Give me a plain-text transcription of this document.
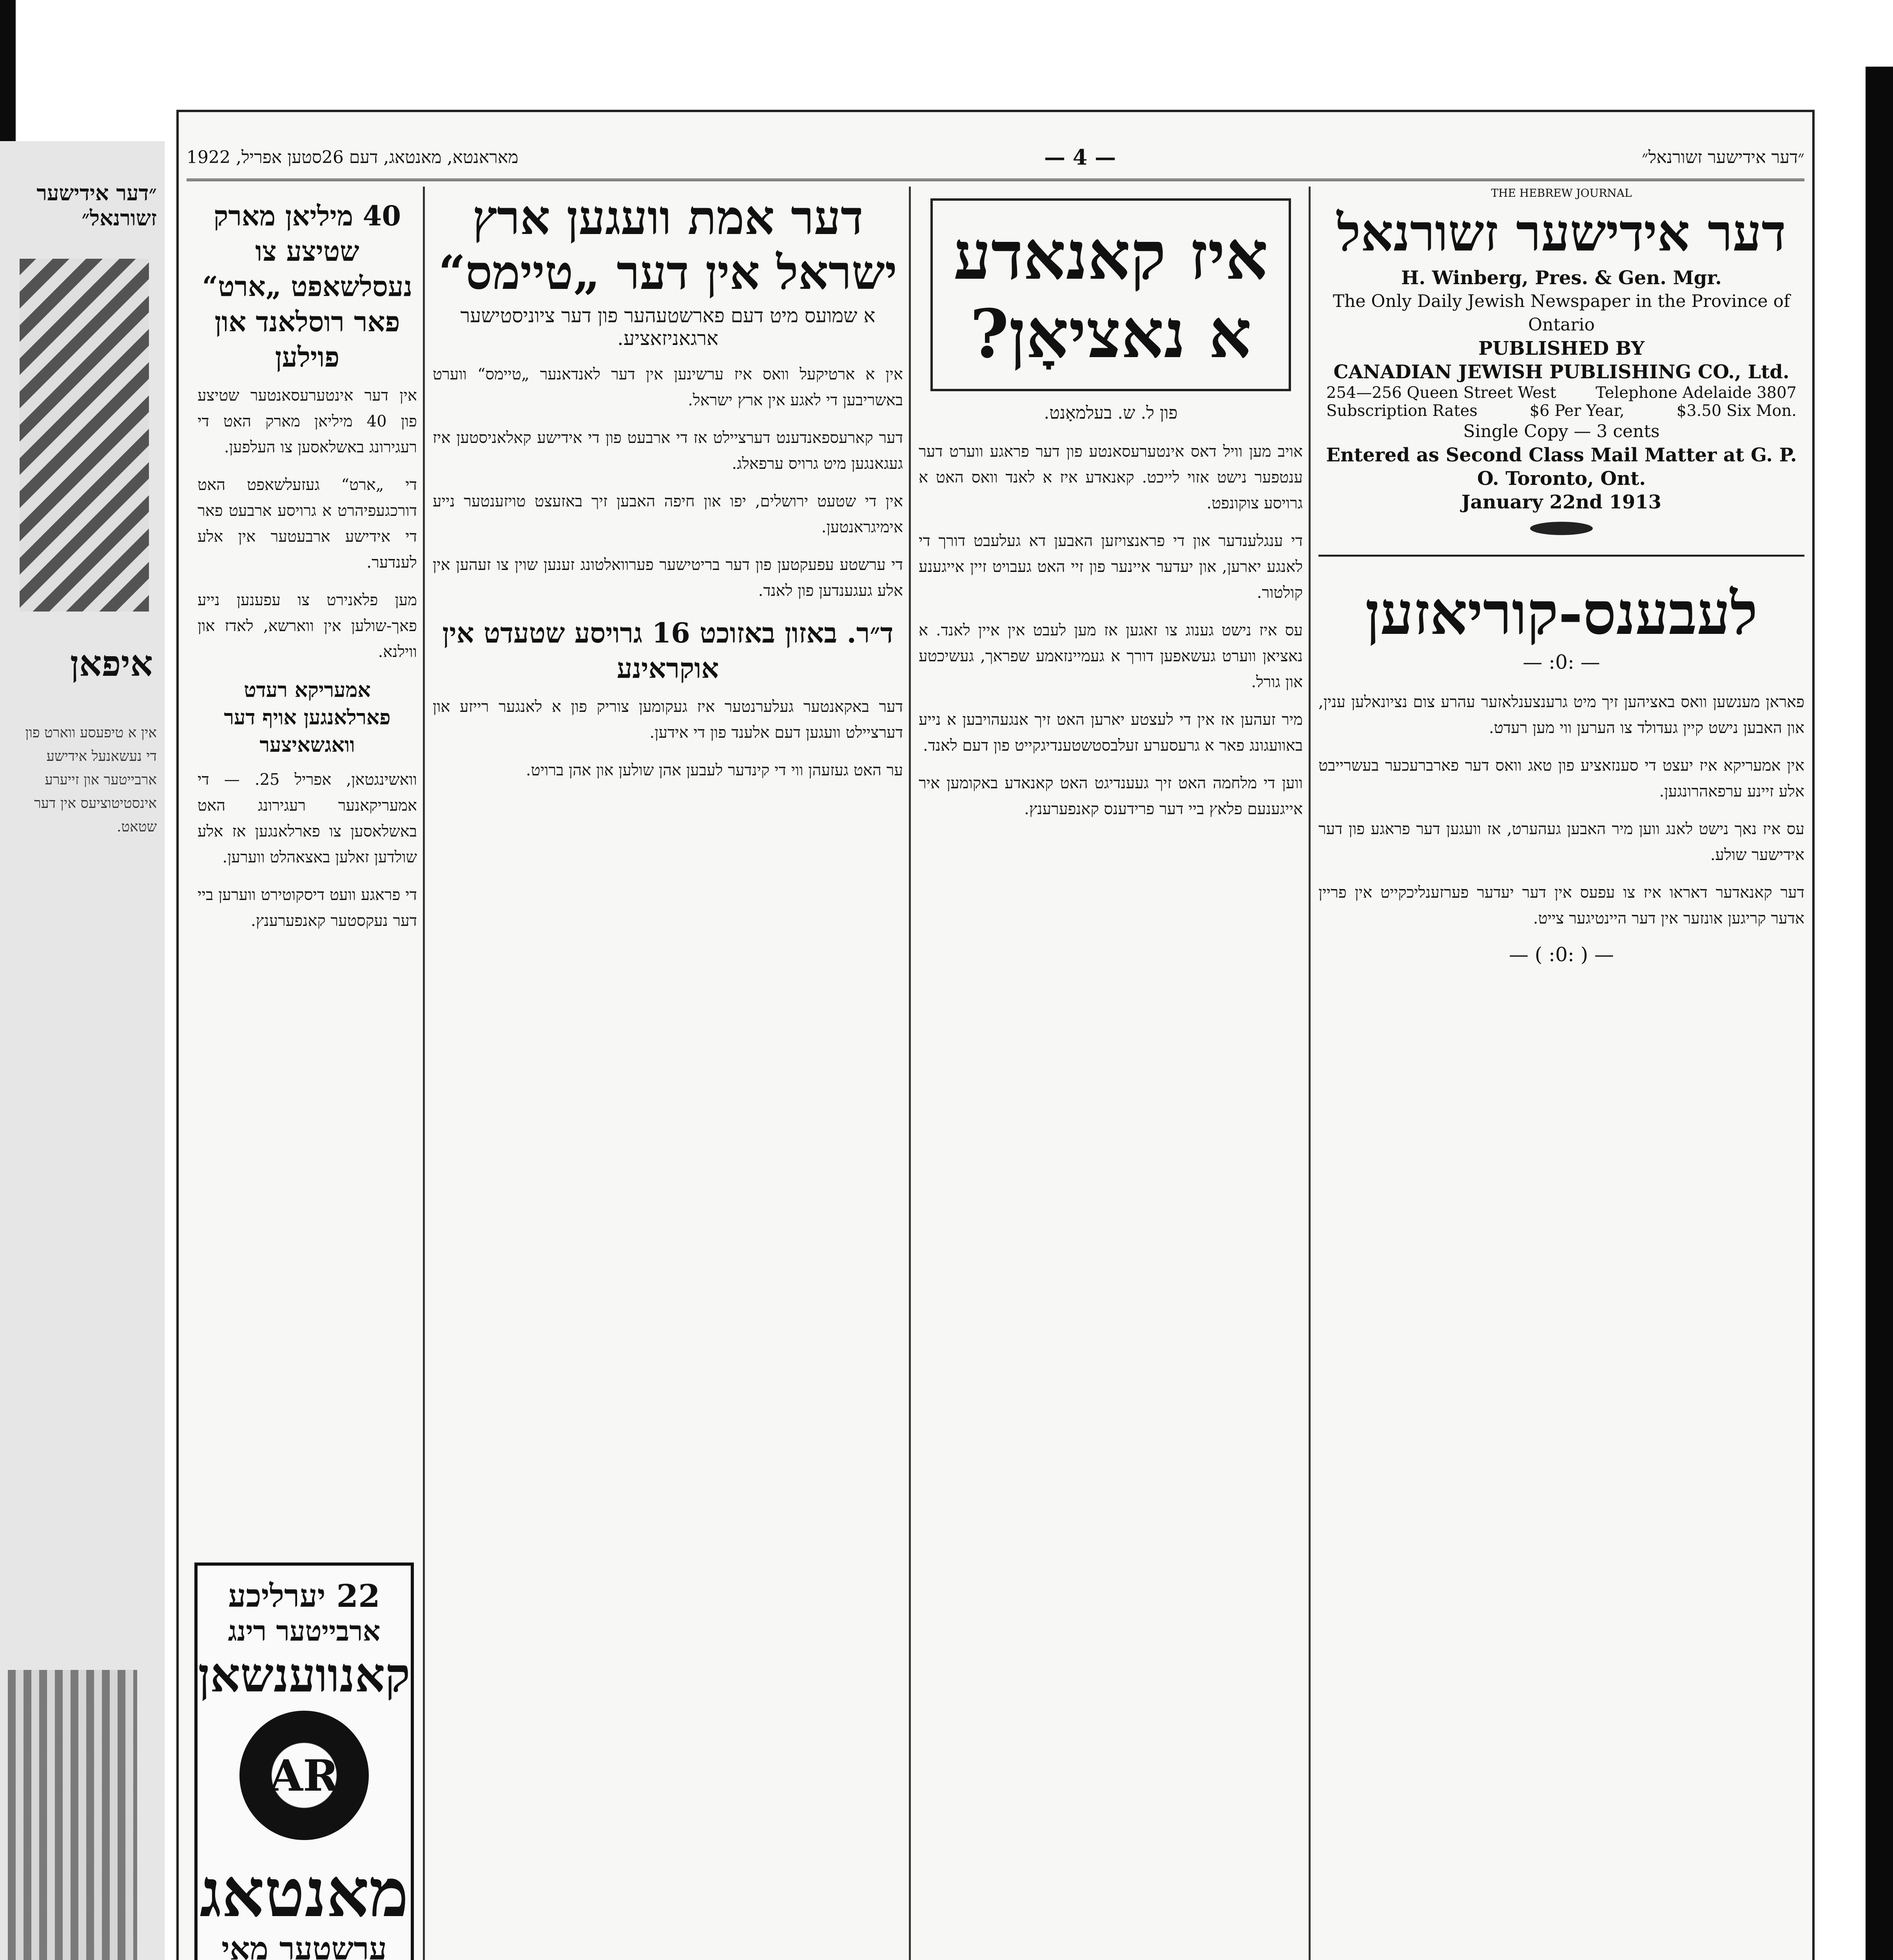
״דער אידישער זשורנאל״
איפאן
אין א טיפעסע ווארט פון די נעשאנעל אידישע ארבייטער און זייערע אינסטיטוציעס אין דער שטאט.
״דער אידישער זשורנאל״
— 4 —
מאראנטא, מאנטאג, דעם 26סטען אפריל, 1922
THE HEBREW JOURNAL
דער אידישער זשורנאל
H. Winberg, Pres. & Gen. Mgr.
The Only Daily Jewish Newspaper in the Province of Ontario
PUBLISHED BY
CANADIAN JEWISH PUBLISHING CO., Ltd.
254—256 Queen Street West	Telephone Adelaide 3807
Subscription Rates	$6 Per Year,	$3.50 Six Mon.
Single Copy — 3 cents
Entered as Second Class Mail Matter at G. P. O. Toronto, Ont.
January 22nd 1913
לעבענס-קוריאזען
— :0: —

פאראן מענשען וואס באציהען זיך מיט גרענצענלאזער עהרע צום נציונאלען ענין, און האבען נישט קיין געדולד צו הערען ווי מען רעדט.

אין אמעריקא איז יעצט די סענזאציע פון טאג וואס דער פארברעכער בעשרייבט אלע זיינע ערפאהרונגען.

עס איז נאך נישט לאנג ווען מיר האבען געהערט, אז וועגען דער פראגע פון דער אידישער שולע.

דער קאנאדער דאראו איז צו עפעס אין דער יעדער פערזענליכקייט אין פריין אדער קריגען אונזער אין דער היינטיגער צייט.

— ( :0: ) —
איז קאנאדע א נאציאָן?
פון ל. ש. בעלמאָנט.

אויב מען וויל דאס אינטערעסאנטע פון דער פראגע ווערט דער ענטפער נישט אזוי לייכט. קאנאדע איז א לאנד וואס האט א גרויסע צוקונפט.

די ענגלענדער און די פראנצויזען האבען דא געלעבט דורך די לאנגע יארען, און יעדער איינער פון זיי האט געבויט זיין אייגענע קולטור.

עס איז נישט גענוג צו זאגען אז מען לעבט אין איין לאנד. א נאציאן ווערט געשאפען דורך א געמיינזאמע שפראך, געשיכטע און גורל.

מיר זעהען אז אין די לעצטע יארען האט זיך אנגעהויבען א נייע באוועגונג פאר א גרעסערע זעלבסטשטענדיגקייט פון דעם לאנד.

ווען די מלחמה האט זיך געענדיגט האט קאנאדע באקומען איר אייגענעם פלאץ ביי דער פרידענס קאנפערענץ.

דער אמת וועגען ארץ ישראל אין דער „טיימס“
א שמועס מיט דעם פארשטעהער פון דער ציוניסטישער ארגאניזאציע.

אין א ארטיקעל וואס איז ערשינען אין דער לאנדאנער „טיימס“ ווערט באשריבען די לאגע אין ארץ ישראל.

דער קארעספאנדענט דערציילט אז די ארבעט פון די אידישע קאלאניסטען איז געגאנגען מיט גרויס ערפאלג.

אין די שטעט ירושלים, יפו און חיפה האבען זיך באזעצט טויזענטער נייע אימיגראנטען.

די ערשטע עפעקטען פון דער בריטישער פערוואלטונג זענען שוין צו זעהען אין אלע געגענדען פון לאנד.

ד״ר. באזון באזוכט 16 גרויסע שטעדט אין אוקראינע

דער באקאנטער געלערנטער איז געקומען צוריק פון א לאנגער רייזע און דערציילט וועגען דעם אלענד פון די אידען.

ער האט געזעהן ווי די קינדער לעבען אהן שולען און אהן ברויט.

40 מיליאן מארק שטיצע צו נעסלשאפט „ארט“ פאר רוסלאנד און פוילען

אין דער אינטערעסאנטער שטיצע פון 40 מיליאן מארק האט די רעגירונג באשלאסען צו העלפען.

די „ארט“ געזעלשאפט האט דורכגעפיהרט א גרויסע ארבעט פאר די אידישע ארבעטער אין אלע לענדער.

מען פלאנירט צו עפענען נייע פאך-שולען אין ווארשא, לאדז און ווילנא.

אמעריקא רעדט פארלאנגען אויף דער וואגשאיצער

וואשינגטאן, אפריל 25. — די אמעריקאנער רעגירונג האט באשלאסען צו פארלאנגען אז אלע שולדען זאלען באצאהלט ווערען.

די פראגע וועט דיסקוטירט ווערען ביי דער נעקסטער קאנפערענץ.

22 יערליכע
ארבייטער רינג
קאנווענשאן
AR
מאנטאג
ערשטער מאי
